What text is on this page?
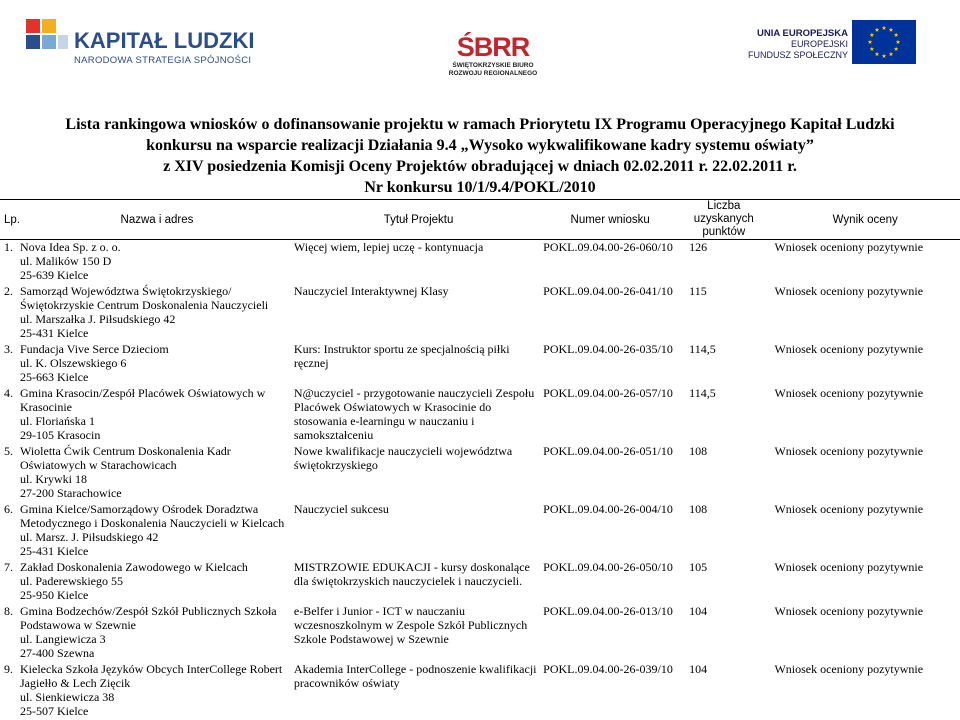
KAPITAŁ LUDZKI
NARODOWA STRATEGIA SPÓJNOŚCI	ŚBRR
ŚWIĘTOKRZYSKIE BIURO
ROZWOJU REGIONALNEGO
UNIA EUROPEJSKA
EUROPEJSKI
FUNDUSZ SPOŁECZNY
Lista rankingowa wniosków o dofinansowanie projektu w ramach Priorytetu IX Programu Operacyjnego Kapitał Ludzki
konkursu na wsparcie realizacji Działania 9.4 „Wysoko wykwalifikowane kadry systemu oświaty”
z XIV posiedzenia Komisji Oceny Projektów obradującej w dniach 02.02.2011 r. 22.02.2011 r.
Nr konkursu 10/1/9.4/POKL/2010
Lp.	Nazwa i adres	Tytuł Projektu	Numer wniosku	Liczba uzyskanych punktów	Wynik oceny
1.	Nova Idea Sp. z o. o.
ul. Malików 150 D
25-639 Kielce	Więcej wiem, lepiej uczę - kontynuacja	POKL.09.04.00-26-060/10	126	Wniosek oceniony pozytywnie
2.	Samorząd Województwa Świętokrzyskiego/
Świętokrzyskie Centrum Doskonalenia Nauczycieli
ul. Marszałka J. Piłsudskiego 42
25-431 Kielce	Nauczyciel Interaktywnej Klasy	POKL.09.04.00-26-041/10	115	Wniosek oceniony pozytywnie
3.	Fundacja Vive Serce Dzieciom
ul. K. Olszewskiego 6
25-663 Kielce	Kurs: Instruktor sportu ze specjalnością piłki
ręcznej	POKL.09.04.00-26-035/10	114,5	Wniosek oceniony pozytywnie
4.	Gmina Krasocin/Zespół Placówek Oświatowych w
Krasocinie
ul. Floriańska 1
29-105 Krasocin	N@uczyciel - przygotowanie nauczycieli Zespołu
Placówek Oświatowych w Krasocinie do
stosowania e-learningu w nauczaniu i
samokształceniu	POKL.09.04.00-26-057/10	114,5	Wniosek oceniony pozytywnie
5.	Wioletta Ćwik Centrum Doskonalenia Kadr
Oświatowych w Starachowicach
ul. Krywki 18
27-200 Starachowice	Nowe kwalifikacje nauczycieli województwa
świętokrzyskiego	POKL.09.04.00-26-051/10	108	Wniosek oceniony pozytywnie
6.	Gmina Kielce/Samorządowy Ośrodek Doradztwa
Metodycznego i Doskonalenia Nauczycieli w Kielcach
ul. Marsz. J. Piłsudskiego 42
25-431 Kielce	Nauczyciel sukcesu	POKL.09.04.00-26-004/10	108	Wniosek oceniony pozytywnie
7.	Zakład Doskonalenia Zawodowego w Kielcach
ul. Paderewskiego 55
25-950 Kielce	MISTRZOWIE EDUKACJI - kursy doskonalące
dla świętokrzyskich nauczycielek i nauczycieli.	POKL.09.04.00-26-050/10	105	Wniosek oceniony pozytywnie
8.	Gmina Bodzechów/Zespół Szkół Publicznych Szkoła
Podstawowa w Szewnie
ul. Langiewicza 3
27-400 Szewna	e-Belfer i Junior - ICT w nauczaniu
wczesnoszkolnym w Zespole Szkół Publicznych
Szkole Podstawowej w Szewnie	POKL.09.04.00-26-013/10	104	Wniosek oceniony pozytywnie
9.	Kielecka Szkoła Języków Obcych InterCollege Robert
Jagiełło & Lech Zięcik
ul. Sienkiewicza 38
25-507 Kielce	Akademia InterCollege - podnoszenie kwalifikacji
pracowników oświaty	POKL.09.04.00-26-039/10	104	Wniosek oceniony pozytywnie
